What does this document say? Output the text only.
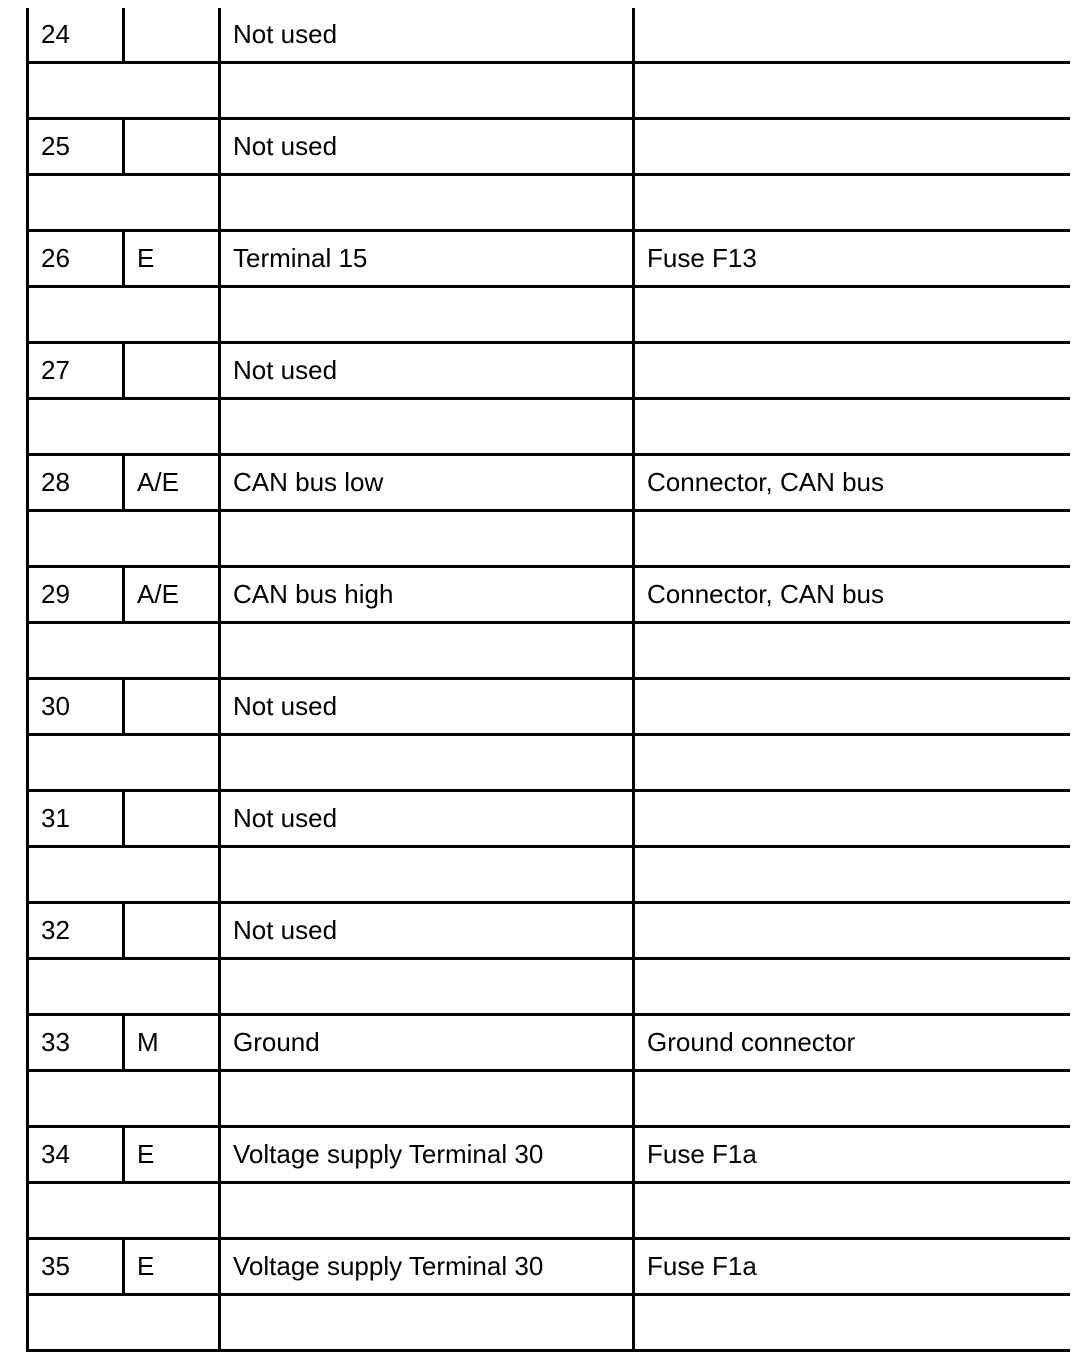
24		Not used	

25		Not used	

26	E	Terminal 15	Fuse F13

27		Not used	

28	A/E	CAN bus low	Connector, CAN bus

29	A/E	CAN bus high	Connector, CAN bus

30		Not used	

31		Not used	

32		Not used	

33	M	Ground	Ground connector

34	E	Voltage supply Terminal 30	Fuse F1a

35	E	Voltage supply Terminal 30	Fuse F1a
